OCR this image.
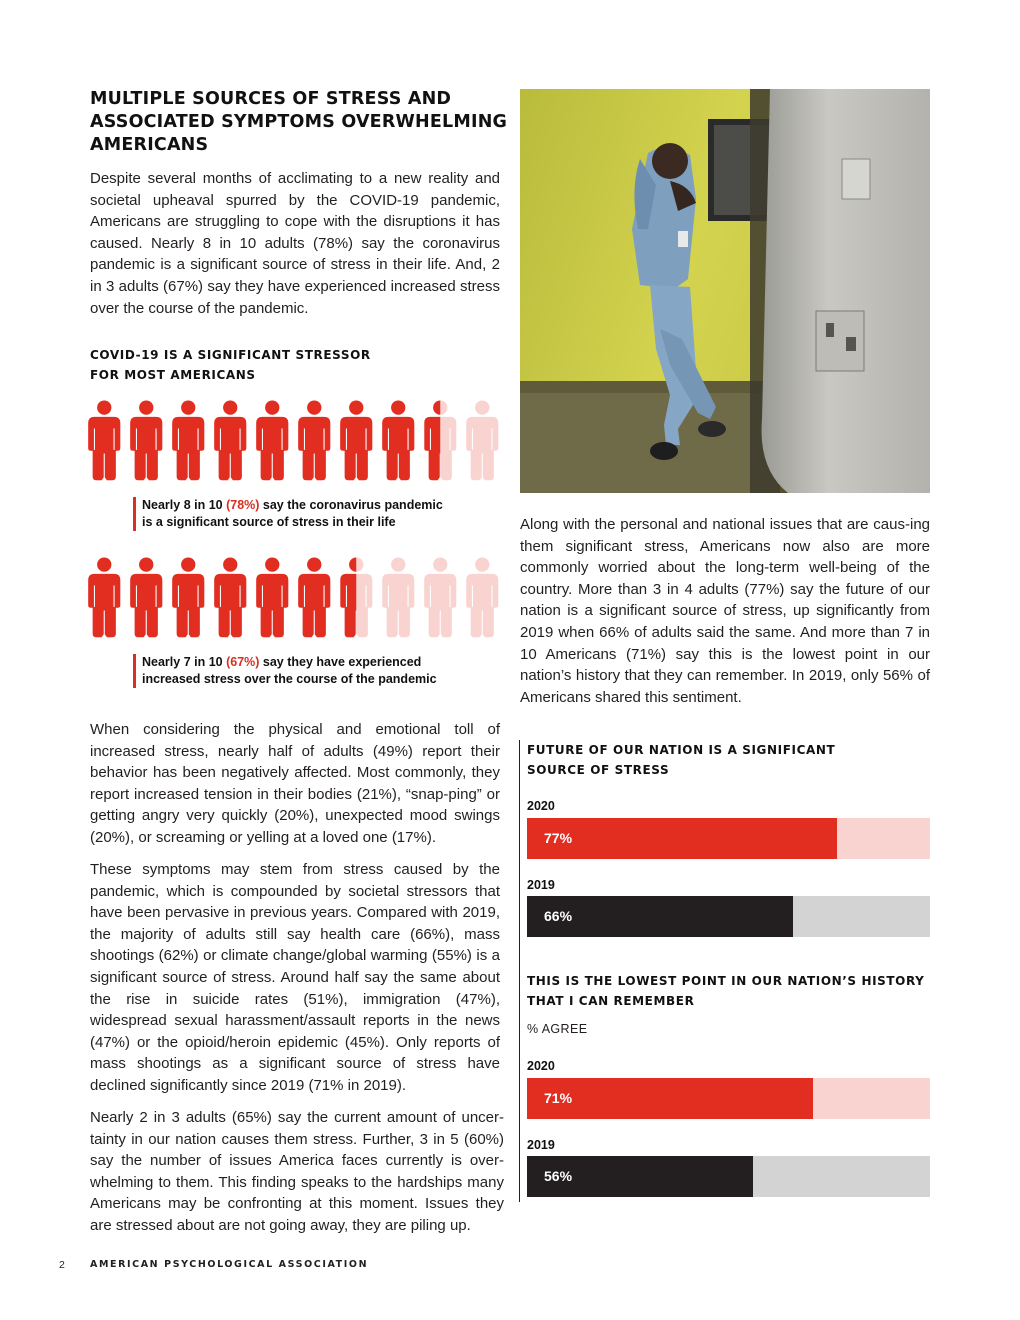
MULTIPLE SOURCES OF STRESS AND ASSOCIATED SYMPTOMS OVERWHELMING AMERICANS

Despite several months of acclimating to a new reality and societal upheaval spurred by the COVID-19 pandemic, Americans are struggling to cope with the disruptions it has caused. Nearly 8 in 10 adults (78%) say the coronavirus pandemic is a significant source of stress in their life. And, 2 in 3 adults (67%) say they have experienced increased stress over the course of the pandemic.

COVID-19 IS A SIGNIFICANT STRESSOR
FOR MOST AMERICANS
Nearly 8 in 10 (78%) say the coronavirus pandemic
is a significant source of stress in their life
Nearly 7 in 10 (67%) say they have experienced
increased stress over the course of the pandemic

When considering the physical and emotional toll of increased stress, nearly half of adults (49%) report their behavior has been negatively affected. Most commonly, they report increased tension in their bodies (21%), “snap-ping” or getting angry very quickly (20%), unexpected mood swings (20%), or screaming or yelling at a loved one (17%).

These symptoms may stem from stress caused by the pandemic, which is compounded by societal stressors that have been pervasive in previous years. Compared with 2019, the majority of adults still say health care (66%), mass shootings (62%) or climate change/global warming (55%) is a significant source of stress. Around half say the same about the rise in suicide rates (51%), immigration (47%), widespread sexual harassment/assault reports in the news (47%) or the opioid/heroin epidemic (45%). Only reports of mass shootings as a significant source of stress have declined significantly since 2019 (71% in 2019).

Nearly 2 in 3 adults (65%) say the current amount of uncer-tainty in our nation causes them stress. Further, 3 in 5 (60%) say the number of issues America faces currently is over-whelming to them. This finding speaks to the hardships many Americans may be confronting at this moment. Issues they are stressed about are not going away, they are piling up.

Along with the personal and national issues that are caus-ing them significant stress, Americans now also are more commonly worried about the long-term well-being of the country. More than 3 in 4 adults (77%) say the future of our nation is a significant source of stress, up significantly from 2019 when 66% of adults said the same. And more than 7 in 10 Americans (71%) say this is the lowest point in our nation’s history that they can remember. In 2019, only 56% of Americans shared this sentiment.

FUTURE OF OUR NATION IS A SIGNIFICANT
SOURCE OF STRESS
2020
77%
2019
66%
THIS IS THE LOWEST POINT IN OUR NATION’S HISTORY
THAT I CAN REMEMBER
% AGREE
2020
71%
2019
56%
2	AMERICAN PSYCHOLOGICAL ASSOCIATION
